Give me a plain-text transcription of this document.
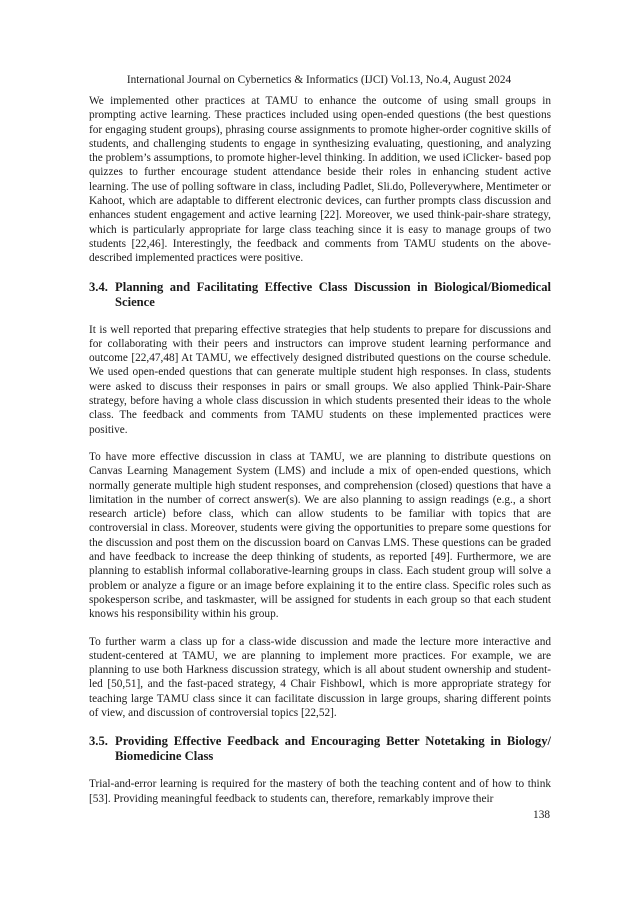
International Journal on Cybernetics & Informatics (IJCI) Vol.13, No.4, August 2024

We implemented other practices at TAMU to enhance the outcome of using small groups in prompting active learning. These practices included using open-ended questions (the best questions for engaging student groups), phrasing course assignments to promote higher-order cognitive skills of students, and challenging students to engage in synthesizing evaluating, questioning, and analyzing the problem’s assumptions, to promote higher-level thinking. In addition, we used iClicker- based pop quizzes to further encourage student attendance beside their roles in enhancing student active learning. The use of polling software in class, including Padlet, Sli.do, Polleverywhere, Mentimeter or Kahoot, which are adaptable to different electronic devices, can further prompts class discussion and enhances student engagement and active learning [22]. Moreover, we used think-pair-share strategy, which is particularly appropriate for large class teaching since it is easy to manage groups of two students [22,46]. Interestingly, the feedback and comments from TAMU students on the above-described implemented practices were positive.

3.4. Planning and Facilitating Effective Class Discussion in Biological/Biomedical Science

It is well reported that preparing effective strategies that help students to prepare for discussions and for collaborating with their peers and instructors can improve student learning performance and outcome [22,47,48] At TAMU, we effectively designed distributed questions on the course schedule. We used open-ended questions that can generate multiple student high responses. In class, students were asked to discuss their responses in pairs or small groups. We also applied Think-Pair-Share strategy, before having a whole class discussion in which students presented their ideas to the whole class. The feedback and comments from TAMU students on these implemented practices were positive.

To have more effective discussion in class at TAMU, we are planning to distribute questions on Canvas Learning Management System (LMS) and include a mix of open-ended questions, which normally generate multiple high student responses, and comprehension (closed) questions that have a limitation in the number of correct answer(s). We are also planning to assign readings (e.g., a short research article) before class, which can allow students to be familiar with topics that are controversial in class. Moreover, students were giving the opportunities to prepare some questions for the discussion and post them on the discussion board on Canvas LMS. These questions can be graded and have feedback to increase the deep thinking of students, as reported [49]. Furthermore, we are planning to establish informal collaborative-learning groups in class. Each student group will solve a problem or analyze a figure or an image before explaining it to the entire class. Specific roles such as spokesperson scribe, and taskmaster, will be assigned for students in each group so that each student knows his responsibility within his group.

To further warm a class up for a class-wide discussion and made the lecture more interactive and student-centered at TAMU, we are planning to implement more practices. For example, we are planning to use both Harkness discussion strategy, which is all about student ownership and student-led [50,51], and the fast-paced strategy, 4 Chair Fishbowl, which is more appropriate strategy for teaching large TAMU class since it can facilitate discussion in large groups, sharing different points of view, and discussion of controversial topics [22,52].

3.5. Providing Effective Feedback and Encouraging Better Notetaking in Biology/ Biomedicine Class

Trial-and-error learning is required for the mastery of both the teaching content and of how to think [53]. Providing meaningful feedback to students can, therefore, remarkably improve their

138
